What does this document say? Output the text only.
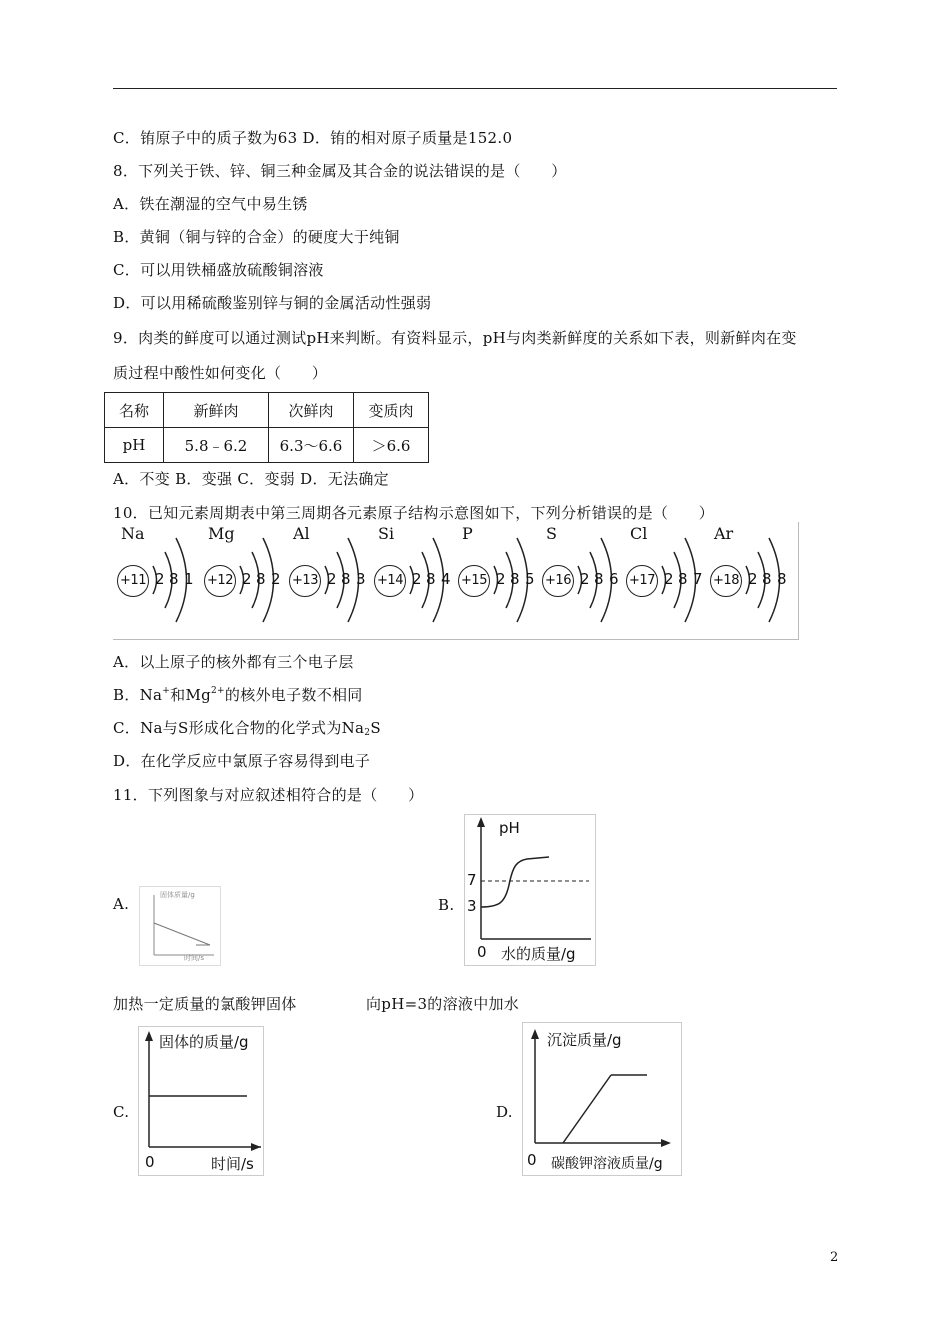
C．铕原子中的质子数为63 D．铕的相对原子质量是152.0
8．下列关于铁、锌、铜三种金属及其合金的说法错误的是（　　）
A．铁在潮湿的空气中易生锈
B．黄铜（铜与锌的合金）的硬度大于纯铜
C．可以用铁桶盛放硫酸铜溶液
D．可以用稀硫酸鉴别锌与铜的金属活动性强弱
9．肉类的鲜度可以通过测试pH来判断。有资料显示，pH与肉类新鲜度的关系如下表，则新鲜肉在变
质过程中酸性如何变化（　　）
名称	新鲜肉	次鲜肉	变质肉
pH	5.8﹣6.2	6.3～6.6	＞6.6
A．不变 B．变强 C．变弱 D．无法确定
10．已知元素周期表中第三周期各元素原子结构示意图如下，下列分析错误的是（　　）
Na
+11 2 8 1
Mg
+12 2 8 2
Al
+13 2 8 3
Si
+14 2 8 4
P
+15 2 8 5
S
+16 2 8 6
Cl
+17 2 8 7
Ar
+18 2 8 8
A．以上原子的核外都有三个电子层
B．Na+和$Mg^{2+}$的核外电子数不相同
C．Na与S形成化合物的化学式为$Na_2S$
D．在化学反应中氯原子容易得到电子
11．下列图象与对应叙述相符合的是（　　）
A.	固体质量/g
时间/s
B.
pH
7
3
0 水的质量/g
加热一定质量的氯酸钾固体	向pH=3的溶液中加水
C.
固体的质量/g
0	时间/s
D.
沉淀质量/g
0 碳酸钾溶液质量/g
2
